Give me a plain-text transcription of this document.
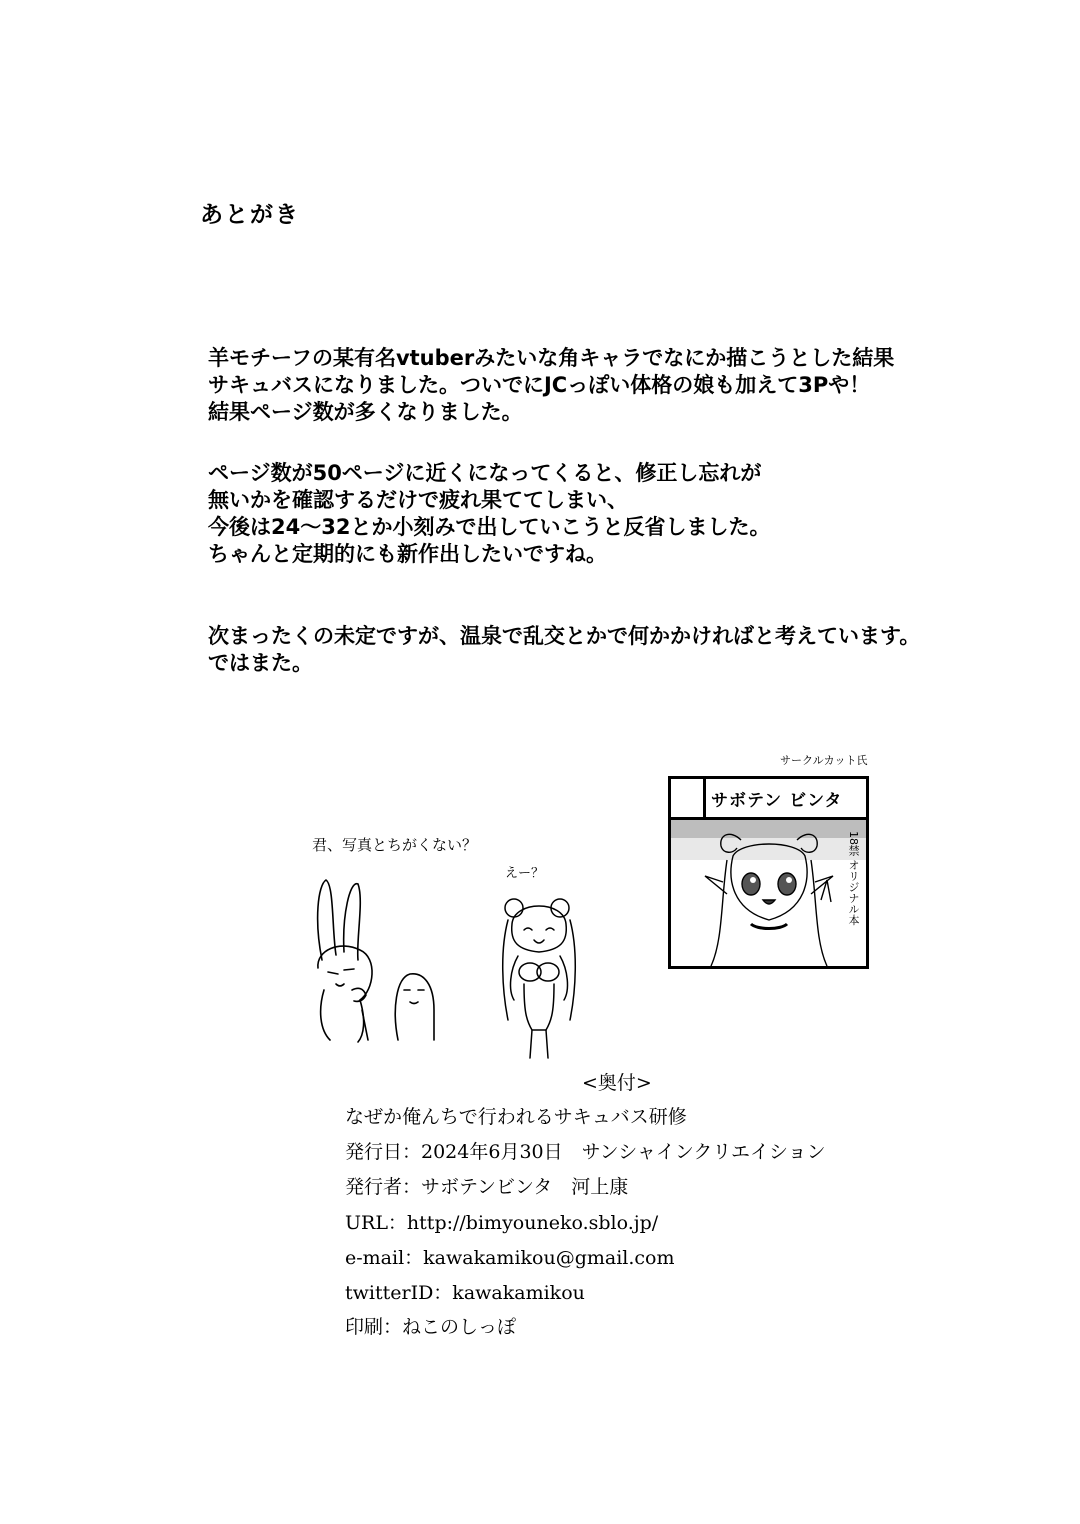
あとがき
羊モチーフの某有名vtuberみたいな角キャラでなにか描こうとした結果
サキュバスになりました。ついでにJCっぽい体格の娘も加えて3Pや！
結果ページ数が多くなりました。
ページ数が50ページに近くになってくると、修正し忘れが
無いかを確認するだけで疲れ果ててしまい、
今後は24～32とか小刻みで出していこうと反省しました。
ちゃんと定期的にも新作出したいですね。
次まったくの未定ですが、温泉で乱交とかで何かかければと考えています。
ではまた。
君、写真とちがくない？
えー？
サークルカット氏
サボテン ビンタ
18禁 オリジナル本
<奥付>
なぜか俺んちで行われるサキュバス研修
発行日：2024年6月30日　サンシャインクリエイション
発行者：サボテンビンタ　河上康
URL：http://bimyouneko.sblo.jp/
e-mail：kawakamikou@gmail.com
twitterID：kawakamikou
印刷：ねこのしっぽ
